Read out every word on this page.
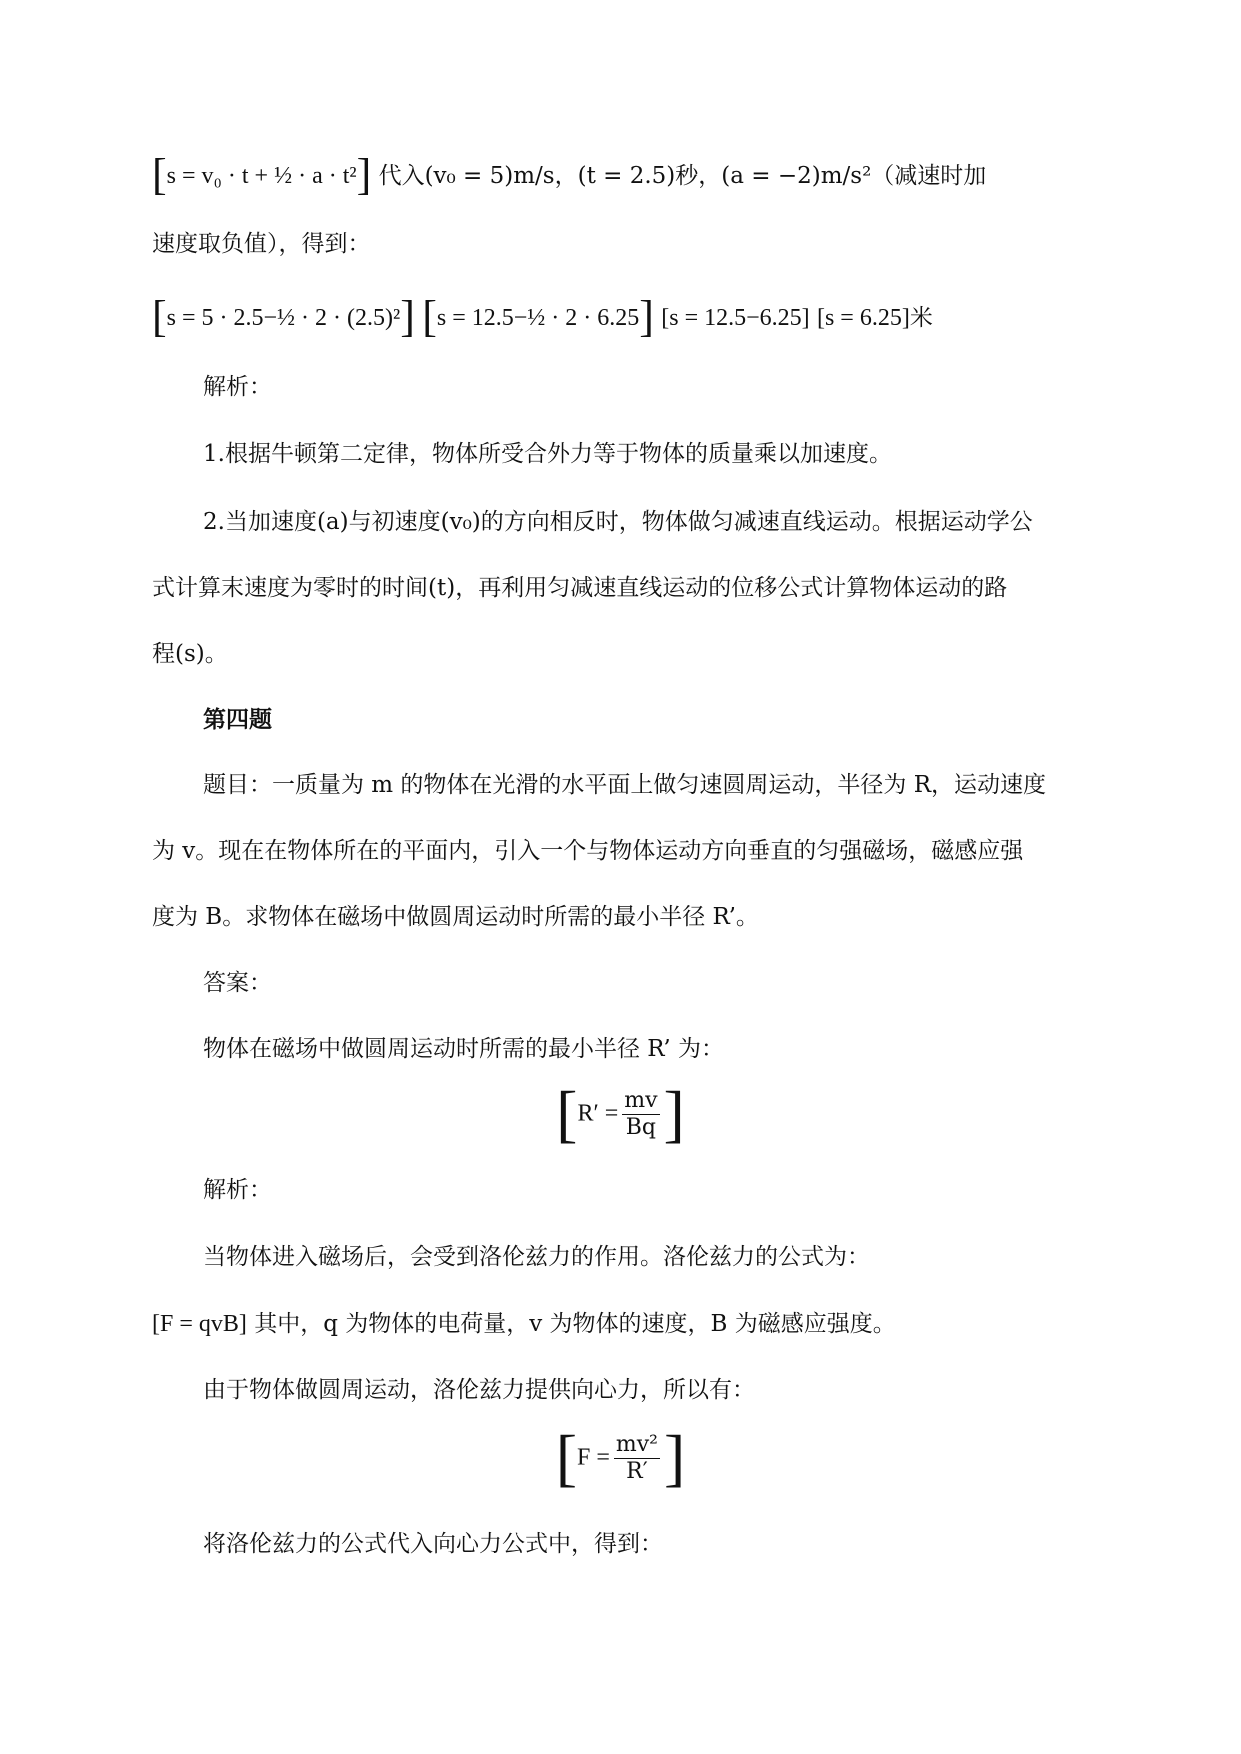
[s = v₀ · t + ½ · a · t²] 代入(v₀ = 5)m/s，(t = 2.5)秒，(a = −2)m/s²（减速时加
速度取负值），得到：
[s = 5 · 2.5−½ · 2 · (2.5)²] [s = 12.5−½ · 2 · 6.25] [s = 12.5−6.25] [s = 6.25]米
解析：
1.根据牛顿第二定律，物体所受合外力等于物体的质量乘以加速度。
2.当加速度(a)与初速度(v₀)的方向相反时，物体做匀减速直线运动。根据运动学公
式计算末速度为零时的时间(t)，再利用匀减速直线运动的位移公式计算物体运动的路
程(s)。
第四题
题目：一质量为 m 的物体在光滑的水平面上做匀速圆周运动，半径为 R，运动速度
为 v。现在在物体所在的平面内，引入一个与物体运动方向垂直的匀强磁场，磁感应强
度为 B。求物体在磁场中做圆周运动时所需的最小半径 R’。
答案：
物体在磁场中做圆周运动时所需的最小半径 R’ 为：
[$R' = \frac{mv}{Bq}$ ]
解析：
当物体进入磁场后，会受到洛伦兹力的作用。洛伦兹力的公式为：
[F = qvB] 其中，q 为物体的电荷量，v 为物体的速度，B 为磁感应强度。
由于物体做圆周运动，洛伦兹力提供向心力，所以有：
[$F = \frac{\text{mv²}}{R'}$ ]
将洛伦兹力的公式代入向心力公式中，得到：
